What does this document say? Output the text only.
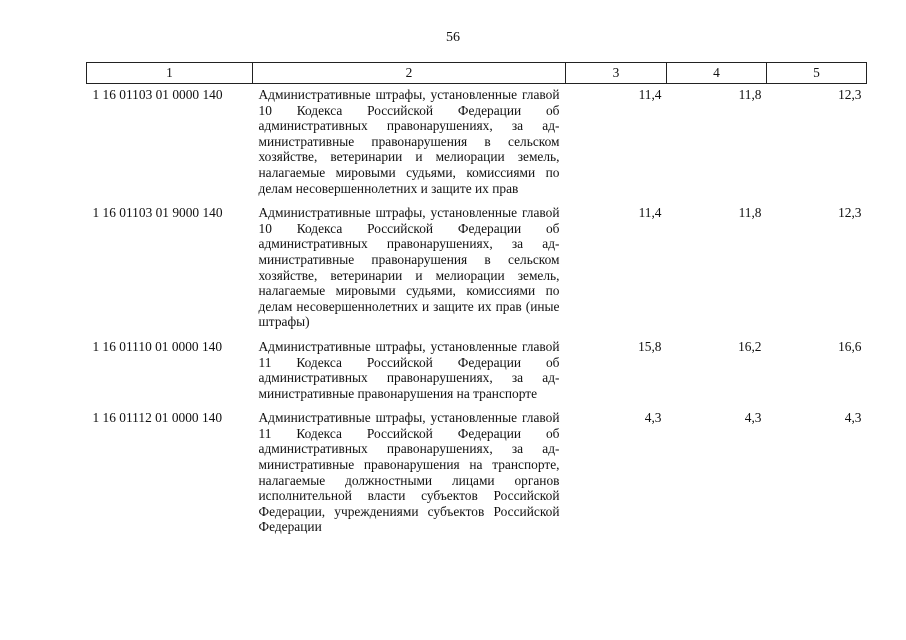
56
1	2	3	4	5
1 16 01103 01 0000 140	Административные штрафы, установленные главой 10 Кодекса Российской Федерации об административных правонарушениях, за административные правонарушения в сельском хозяйстве, ветеринарии и мелиорации земель, налагаемые мировыми судьями, комиссиями по делам несовершеннолетних и защите их прав	11,4	11,8	12,3
1 16 01103 01 9000 140	Административные штрафы, установленные главой 10 Кодекса Российской Федерации об административных правонарушениях, за административные правонарушения в сельском хозяйстве, ветеринарии и мелиорации земель, налагаемые мировыми судьями, комиссиями по делам несовершеннолетних и защите их прав (иные штрафы)	11,4	11,8	12,3
1 16 01110 01 0000 140	Административные штрафы, установленные главой 11 Кодекса Российской Федерации об административных правонарушениях, за административные правонарушения на транспорте	15,8	16,2	16,6
1 16 01112 01 0000 140	Административные штрафы, установленные главой 11 Кодекса Российской Федерации об административных правонарушениях, за административные правонарушения на транспорте, налагаемые должностными лицами органов исполнительной власти субъектов Российской Федерации, учреждениями субъектов Российской Федерации	4,3	4,3	4,3
